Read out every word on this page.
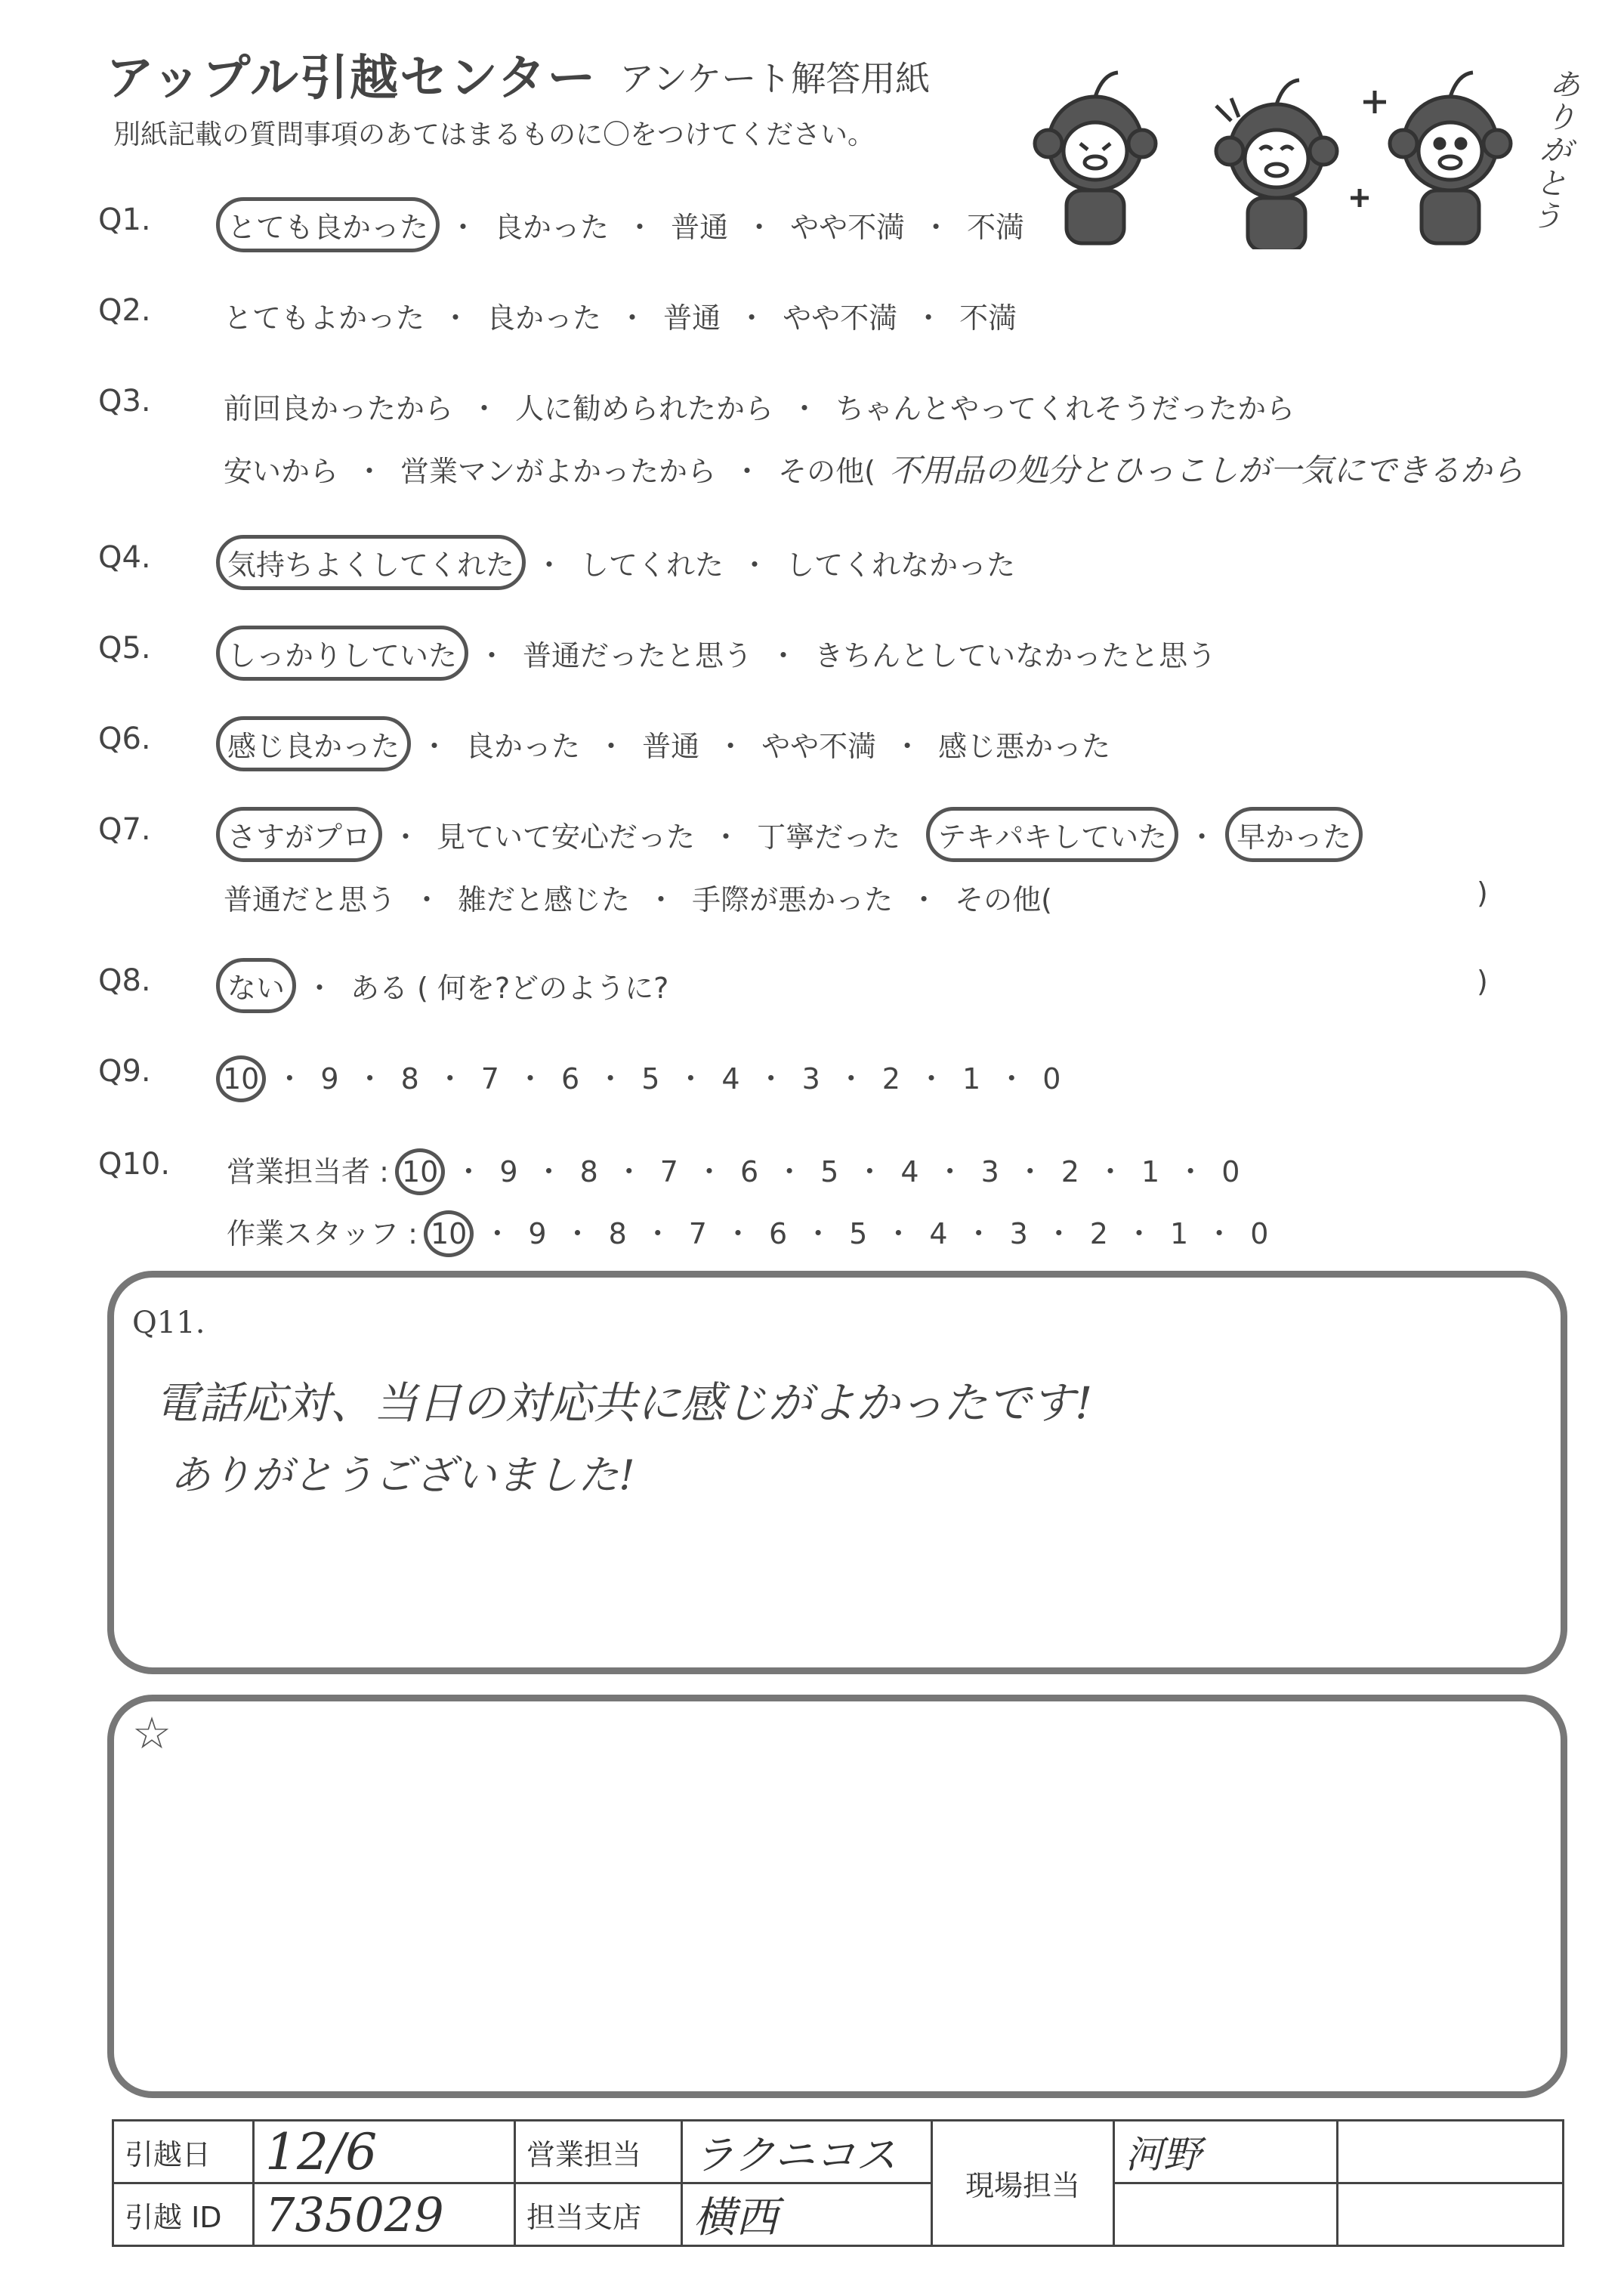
アップル引越センター アンケート解答用紙
別紙記載の質問事項のあてはまるものに〇をつけてください。
ありがとう
Q1.	とても良かった ・ 良かった ・ 普通 ・ やや不満 ・ 不満
Q2.	とてもよかった ・ 良かった ・ 普通 ・ やや不満 ・ 不満
Q3.	前回良かったから ・ 人に勧められたから ・ ちゃんとやってくれそうだったから
安いから ・ 営業マンがよかったから ・ その他( 不用品の処分とひっこしが一気にできるから
Q4.	気持ちよくしてくれた ・ してくれた ・ してくれなかった
Q5.	しっかりしていた ・ 普通だったと思う ・ きちんとしていなかったと思う
Q6.	感じ良かった ・ 良かった ・ 普通 ・ やや不満 ・ 感じ悪かった
Q7.	さすがプロ ・ 見ていて安心だった ・ 丁寧だった テキパキしていた ・ 早かった
普通だと思う ・ 雑だと感じた ・ 手際が悪かった ・ その他(	)
Q8.	ない ・ ある ( 何を?どのように?	)
Q9.	10 ・ 9 ・ 8 ・ 7 ・ 6 ・ 5 ・ 4 ・ 3 ・ 2 ・ 1 ・ 0
Q10. 営業担当者 : 10 ・ 9 ・ 8 ・ 7 ・ 6 ・ 5 ・ 4 ・ 3 ・ 2 ・ 1 ・ 0
作業スタッフ : 10 ・ 9 ・ 8 ・ 7 ・ 6 ・ 5 ・ 4 ・ 3 ・ 2 ・ 1 ・ 0
Q11.
電話応対、当日の対応共に感じがよかったです!
ありがとうございました!
☆
引越日	12/6	営業担当	ラクニコス	現場担当	河野	
引越 ID	735029	担当支店	横西			
